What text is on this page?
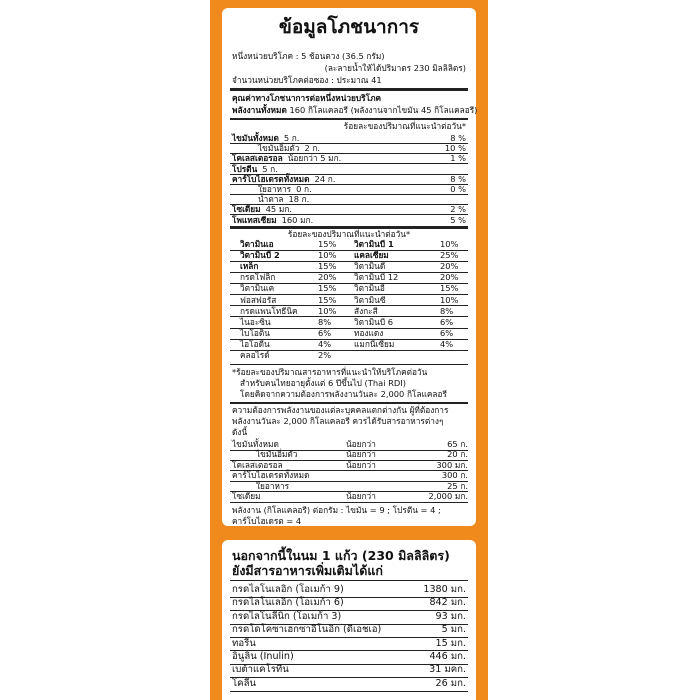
ข้อมูลโภชนาการ
หนึ่งหน่วยบริโภค : 5 ช้อนตวง (36.5 กรัม)
(ละลายน้ำให้ได้ปริมาตร 230 มิลลิลิตร)
จำนวนหน่วยบริโภคต่อซอง : ประมาณ 41
คุณค่าทางโภชนาการต่อหนึ่งหน่วยบริโภค
พลังงานทั้งหมด 160 กิโลแคลอรี (พลังงานจากไขมัน 45 กิโลแคลอรี)
ร้อยละของปริมาณที่แนะนำต่อวัน*
ไขมันทั้งหมด 5 ก.	8 %
ไขมันอิ่มตัว 2 ก.	10 %
โคเลสเตอรอล น้อยกว่า 5 มก.	1 %
โปรตีน 5 ก.
คาร์โบไฮเดรตทั้งหมด 24 ก.	8 %
ใยอาหาร 0 ก.	0 %
น้ำตาล 18 ก.
โซเดียม 45 มก.	2 %
โพแทสเซียม 160 มก.	5 %
ร้อยละของปริมาณที่แนะนำต่อวัน*
วิตามินเอ	15% วิตามินบี 1	10%
วิตามินบี 2	10% แคลเซียม	25%
เหล็ก	15% วิตามินดี	20%
กรดโฟลิก	20% วิตามินบี 12	20%
วิตามินเค	15% วิตามินอี	15%
ฟอสฟอรัส	15% วิตามินซี	10%
กรดแพนโทธีนิค 10% สังกะสี	8%
ไนอะซิน	8%	วิตามินบี 6	6%
ไบโอติน	6%	ทองแดง	6%
ไอโอดีน	4%	แมกนีเซียม	4%
คลอไรด์	2%
*ร้อยละของปริมาณสารอาหารที่แนะนำให้บริโภคต่อวัน
สำหรับคนไทยอายุตั้งแต่ 6 ปีขึ้นไป (Thai RDI)
โดยคิดจากความต้องการพลังงานวันละ 2,000 กิโลแคลอรี
ความต้องการพลังงานของแต่ละบุคคลแตกต่างกัน ผู้ที่ต้องการ
พลังงานวันละ 2,000 กิโลแคลอรี ควรได้รับสารอาหารต่างๆ
ดังนี้
ไขมันทั้งหมด	น้อยกว่า	65 ก.
ไขมันอิ่มตัว	น้อยกว่า	20 ก.
โคเลสเตอรอล	น้อยกว่า	300 มก.
คาร์โบไฮเดรตทั้งหมด	300 ก.
ใยอาหาร	25 ก.
โซเดียม	น้อยกว่า	2,000 มก.
พลังงาน (กิโลแคลอรี) ต่อกรัม : ไขมัน = 9 ; โปรตีน = 4 ;
คาร์โบไฮเดรต = 4
นอกจากนี้ในนม 1 แก้ว (230 มิลลิลิตร)
ยังมีสารอาหารเพิ่มเติมได้แก่
กรดไลโนเลอิก (โอเมก้า 9)	1380 มก.
กรดไลโนเลอิก (โอเมก้า 6)	842 มก.
กรดไลโนลีนิก (โอเมก้า 3)	93 มก.
กรดโดโคซาเฮกซาอีโนอิก (ดีเอชเอ)	5 มก.
ทอรีน	15 มก.
อินูลิน (Inulin)	446 มก.
เบต้าแคโรทีน	31 มคก.
โคลีน	26 มก.
